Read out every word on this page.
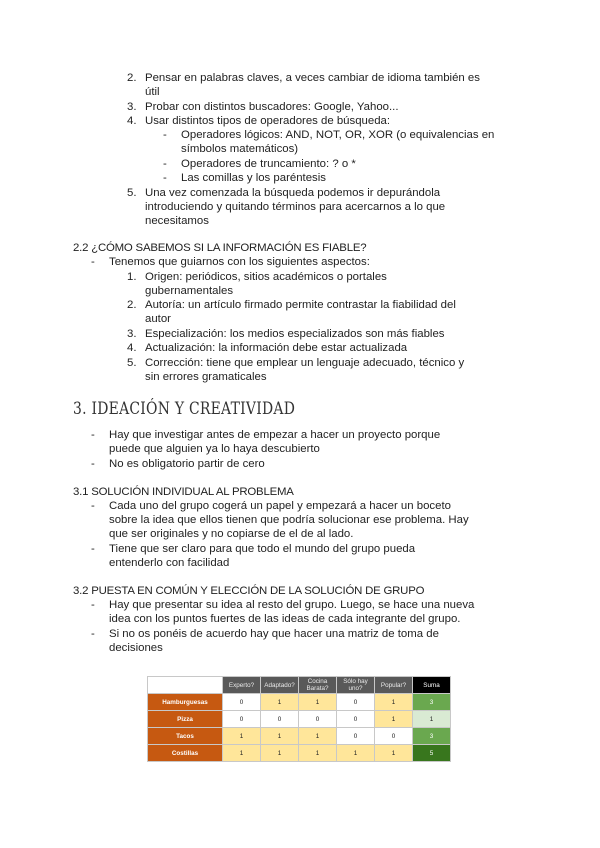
2. Pensar en palabras claves, a veces cambiar de idioma también es
útil
3. Probar con distintos buscadores: Google, Yahoo...
4. Usar distintos tipos de operadores de búsqueda:
- Operadores lógicos: AND, NOT, OR, XOR (o equivalencias en
símbolos matemáticos)
- Operadores de truncamiento: ? o *
- Las comillas y los paréntesis
5. Una vez comenzada la búsqueda podemos ir depurándola
introduciendo y quitando términos para acercarnos a lo que
necesitamos
2.2 ¿CÓMO SABEMOS SI LA INFORMACIÓN ES FIABLE?
- Tenemos que guiarnos con los siguientes aspectos:
1. Origen: periódicos, sitios académicos o portales
gubernamentales
2. Autoría: un artículo firmado permite contrastar la fiabilidad del
autor
3. Especialización: los medios especializados son más fiables
4. Actualización: la información debe estar actualizada
5. Corrección: tiene que emplear un lenguaje adecuado, técnico y
sin errores gramaticales
3. IDEACIÓN Y CREATIVIDAD
- Hay que investigar antes de empezar a hacer un proyecto porque
puede que alguien ya lo haya descubierto
- No es obligatorio partir de cero
3.1 SOLUCIÓN INDIVIDUAL AL PROBLEMA
- Cada uno del grupo cogerá un papel y empezará a hacer un boceto
sobre la idea que ellos tienen que podría solucionar ese problema. Hay
que ser originales y no copiarse de el de al lado.
- Tiene que ser claro para que todo el mundo del grupo pueda
entenderlo con facilidad
3.2 PUESTA EN COMÚN Y ELECCIÓN DE LA SOLUCIÓN DE GRUPO
- Hay que presentar su idea al resto del grupo. Luego, se hace una nueva
idea con los puntos fuertes de las ideas de cada integrante del grupo.
- Si no os ponéis de acuerdo hay que hacer una matriz de toma de
decisiones
	Experto?	Adaptado?	Cocina Barata?	Sólo hay uno?	Popular?	Suma
Hamburguesas	0	1	1	0	1	3
Pizza	0	0	0	0	1	1
Tacos	1	1	1	0	0	3
Costillas	1	1	1	1	1	5
